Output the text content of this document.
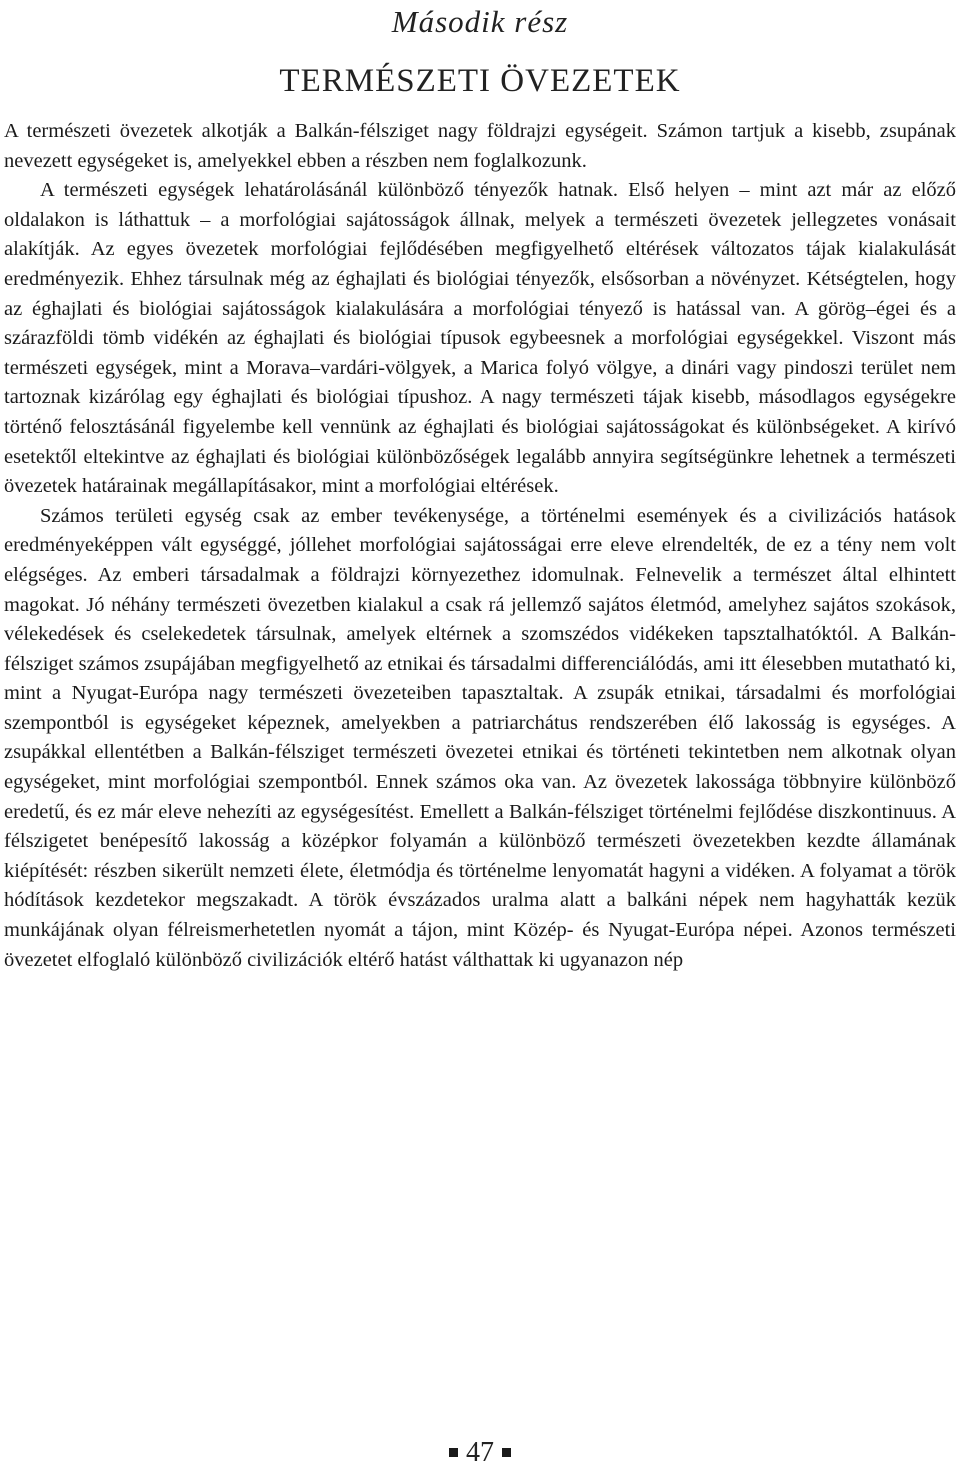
Második rész
TERMÉSZETI ÖVEZETEK

A természeti övezetek alkotják a Balkán-félsziget nagy földrajzi egységeit. Számon tartjuk a kisebb, zsupának nevezett egységeket is, amelyekkel ebben a részben nem foglalkozunk.

A természeti egységek lehatárolásánál különböző tényezők hatnak. Első helyen – mint azt már az előző oldalakon is láthattuk – a morfológiai sajátosságok állnak, melyek a természeti övezetek jellegzetes vonásait alakítják. Az egyes övezetek morfológiai fejlődésében megfigyelhető eltérések változatos tájak kialakulását eredményezik. Ehhez társulnak még az éghajlati és biológiai tényezők, elsősorban a növényzet. Kétségtelen, hogy az éghajlati és biológiai sajátosságok kialakulására a morfológiai tényező is hatással van. A görög–égei és a szárazföldi tömb vidékén az éghajlati és biológiai típusok egybeesnek a morfológiai egységekkel. Viszont más természeti egységek, mint a Morava–vardári-völgyek, a Marica folyó völgye, a dinári vagy pindoszi terület nem tartoznak kizárólag egy éghajlati és biológiai típushoz. A nagy természeti tájak kisebb, másodlagos egységekre történő felosztásánál figyelembe kell vennünk az éghajlati és biológiai sajátosságokat és különbségeket. A kirívó esetektől eltekintve az éghajlati és biológiai különbözőségek legalább annyira segítségünkre lehetnek a természeti övezetek határainak megállapításakor, mint a morfológiai eltérések.

Számos területi egység csak az ember tevékenysége, a történelmi események és a civilizációs hatások eredményeképpen vált egységgé, jóllehet morfológiai sajátosságai erre eleve elrendelték, de ez a tény nem volt elégséges. Az emberi társadalmak a földrajzi környezethez idomulnak. Felnevelik a természet által elhintett magokat. Jó néhány természeti övezetben kialakul a csak rá jellemző sajátos életmód, amelyhez sajátos szokások, vélekedések és cselekedetek társulnak, amelyek eltérnek a szomszédos vidékeken tapsztalhatóktól. A Balkán-félsziget számos zsupájában megfigyelhető az etnikai és társadalmi differenciálódás, ami itt élesebben mutatható ki, mint a Nyugat-Európa nagy természeti övezeteiben tapasztaltak. A zsupák etnikai, társadalmi és morfológiai szempontból is egységeket képeznek, amelyekben a patriarchátus rendszerében élő lakosság is egységes. A zsupákkal ellentétben a Balkán-félsziget természeti övezetei etnikai és történeti tekintetben nem alkotnak olyan egységeket, mint morfológiai szempontból. Ennek számos oka van. Az övezetek lakossága többnyire különböző eredetű, és ez már eleve nehezíti az egységesítést. Emellett a Balkán-félsziget történelmi fejlődése diszkontinuus. A félszigetet benépesítő lakosság a középkor folyamán a különböző természeti övezetekben kezdte államának kiépítését: részben sikerült nemzeti élete, életmódja és történelme lenyomatát hagyni a vidéken. A folyamat a török hódítások kezdetekor megszakadt. A török évszázados uralma alatt a balkáni népek nem hagyhatták kezük munkájának olyan félreismerhetetlen nyomát a tájon, mint Közép- és Nyugat-Európa népei. Azonos természeti övezetet elfoglaló különböző civilizációk eltérő hatást válthattak ki ugyanazon nép

47
